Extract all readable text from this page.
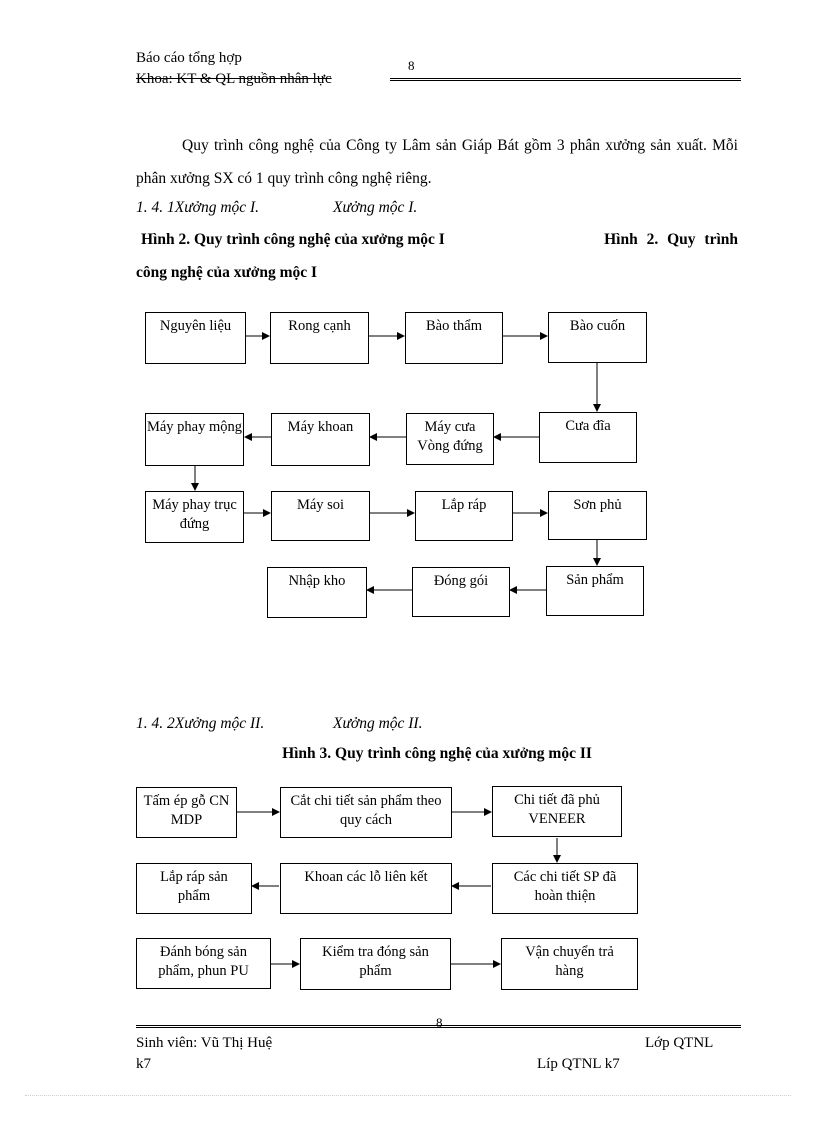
Báo cáo tổng hợp	8
Khoa: KT & QL nguồn nhân lực
Quy trình công nghệ của Công ty Lâm sản Giáp Bát gồm 3 phân xưởng sản xuất. Mỗi phân xưởng SX có 1 quy trình công nghệ riêng.
1. 4. 1Xưởng mộc I.	Xưởng mộc I.
Hình 2. Quy trình công nghệ của xưởng mộc I	Hình 2. Quy trình
công nghệ của xưởng mộc I
Nguyên liệu	Rong cạnh	Bào thẩm	Bào cuốn
Máy phay mộng	Máy khoan	Máy cưa Vòng đứng
Cưa đĩa
Máy phay trục đứng
Máy soi	Lắp ráp	Sơn phủ
Sản phẩm
Đóng gói
Nhập kho
1. 4. 2Xưởng mộc II.	Xưởng mộc II.
Hình 3. Quy trình công nghệ của xưởng mộc II
Tấm ép gỗ CN MDP
Cắt chi tiết sản phẩm theo quy cách
Chi tiết đã phủ VENEER
Lắp ráp sản phẩm
Khoan các lỗ liên kết	Các chi tiết SP đã hoàn thiện
Đánh bóng sản phẩm, phun PU
Kiểm tra đóng sản phẩm
Vận chuyển trả hàng
8
Sinh viên: Vũ Thị Huệ	Lớp QTNL
k7	Líp QTNL k7
